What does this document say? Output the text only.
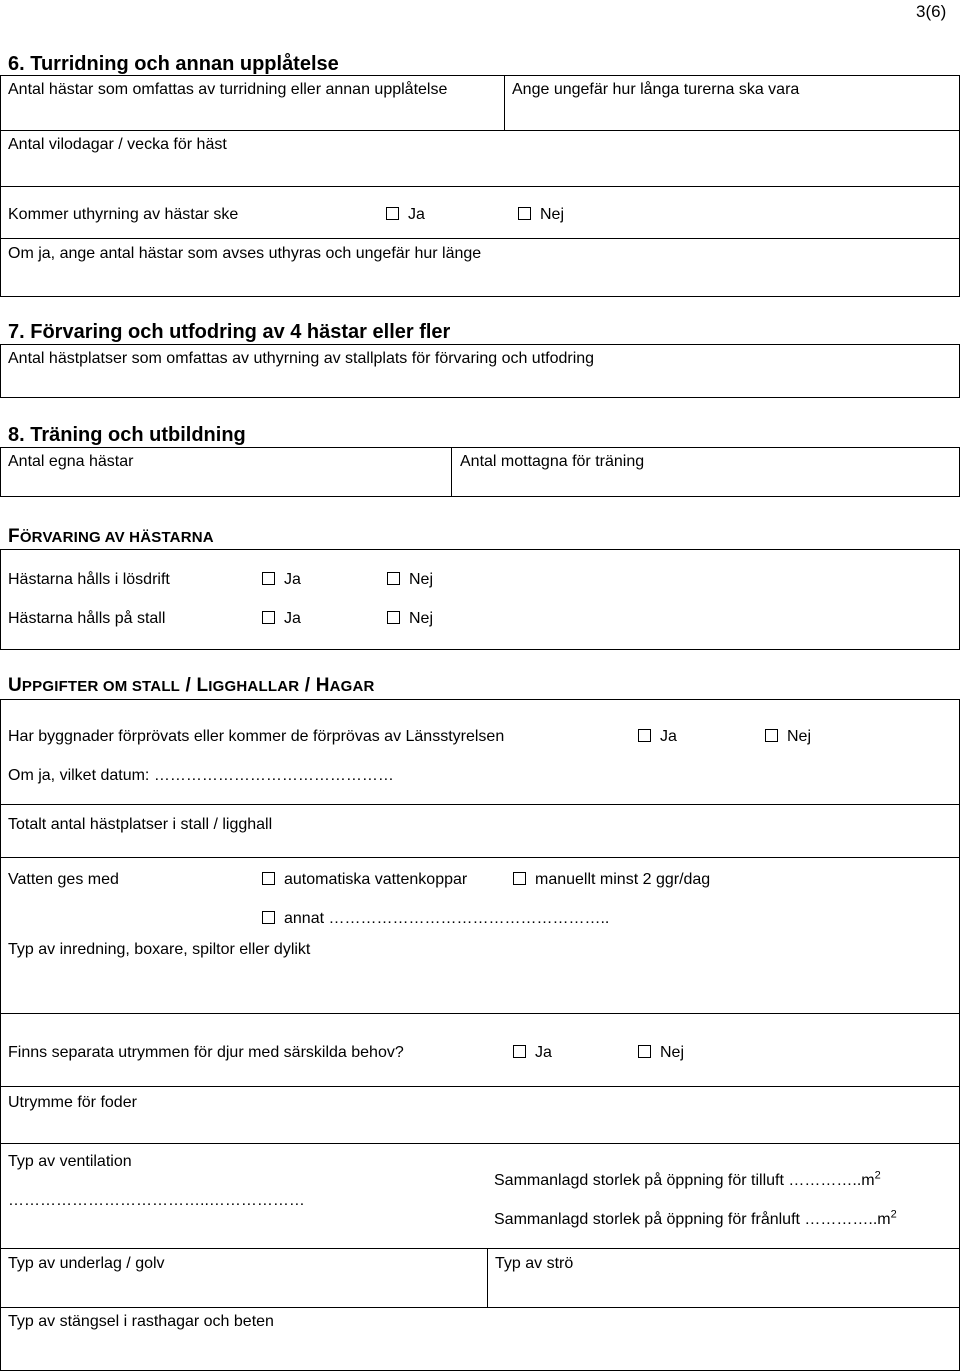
3(6)
6. Turridning och annan upplåtelse
Antal hästar som omfattas av turridning eller annan upplåtelse	Ange ungefär hur långa turerna ska vara
Antal vilodagar / vecka för häst
Kommer uthyrning av hästar ske	Ja	Nej
Om ja, ange antal hästar som avses uthyras och ungefär hur länge
7. Förvaring och utfodring av 4 hästar eller fler
Antal hästplatser som omfattas av uthyrning av stallplats för förvaring och utfodring
8. Träning och utbildning
Antal egna hästar	Antal mottagna för träning
FÖRVARING AV HÄSTARNA
Hästarna hålls i lösdrift	Ja	Nej
Hästarna hålls på stall	Ja	Nej
UPPGIFTER OM STALL / LIGGHALLAR / HAGAR
Har byggnader förprövats eller kommer de förprövas av Länsstyrelsen	Ja	Nej
Om ja, vilket datum: ………………………………………
Totalt antal hästplatser i stall / ligghall
Vatten ges med	automatiska vattenkoppar	manuellt minst 2 ggr/dag
annat ……………………………………………..
Typ av inredning, boxare, spiltor eller dylikt
Finns separata utrymmen för djur med särskilda behov?	Ja	Nej
Utrymme för foder
Typ av ventilation
………………………………..………………
Sammanlagd storlek på öppning för tilluft $\dots\dots\dots\dots..m^2$
Sammanlagd storlek på öppning för frånluft $\dots\dots\dots\dots..m^2$
Typ av underlag / golv	Typ av strö
Typ av stängsel i rasthagar och beten
